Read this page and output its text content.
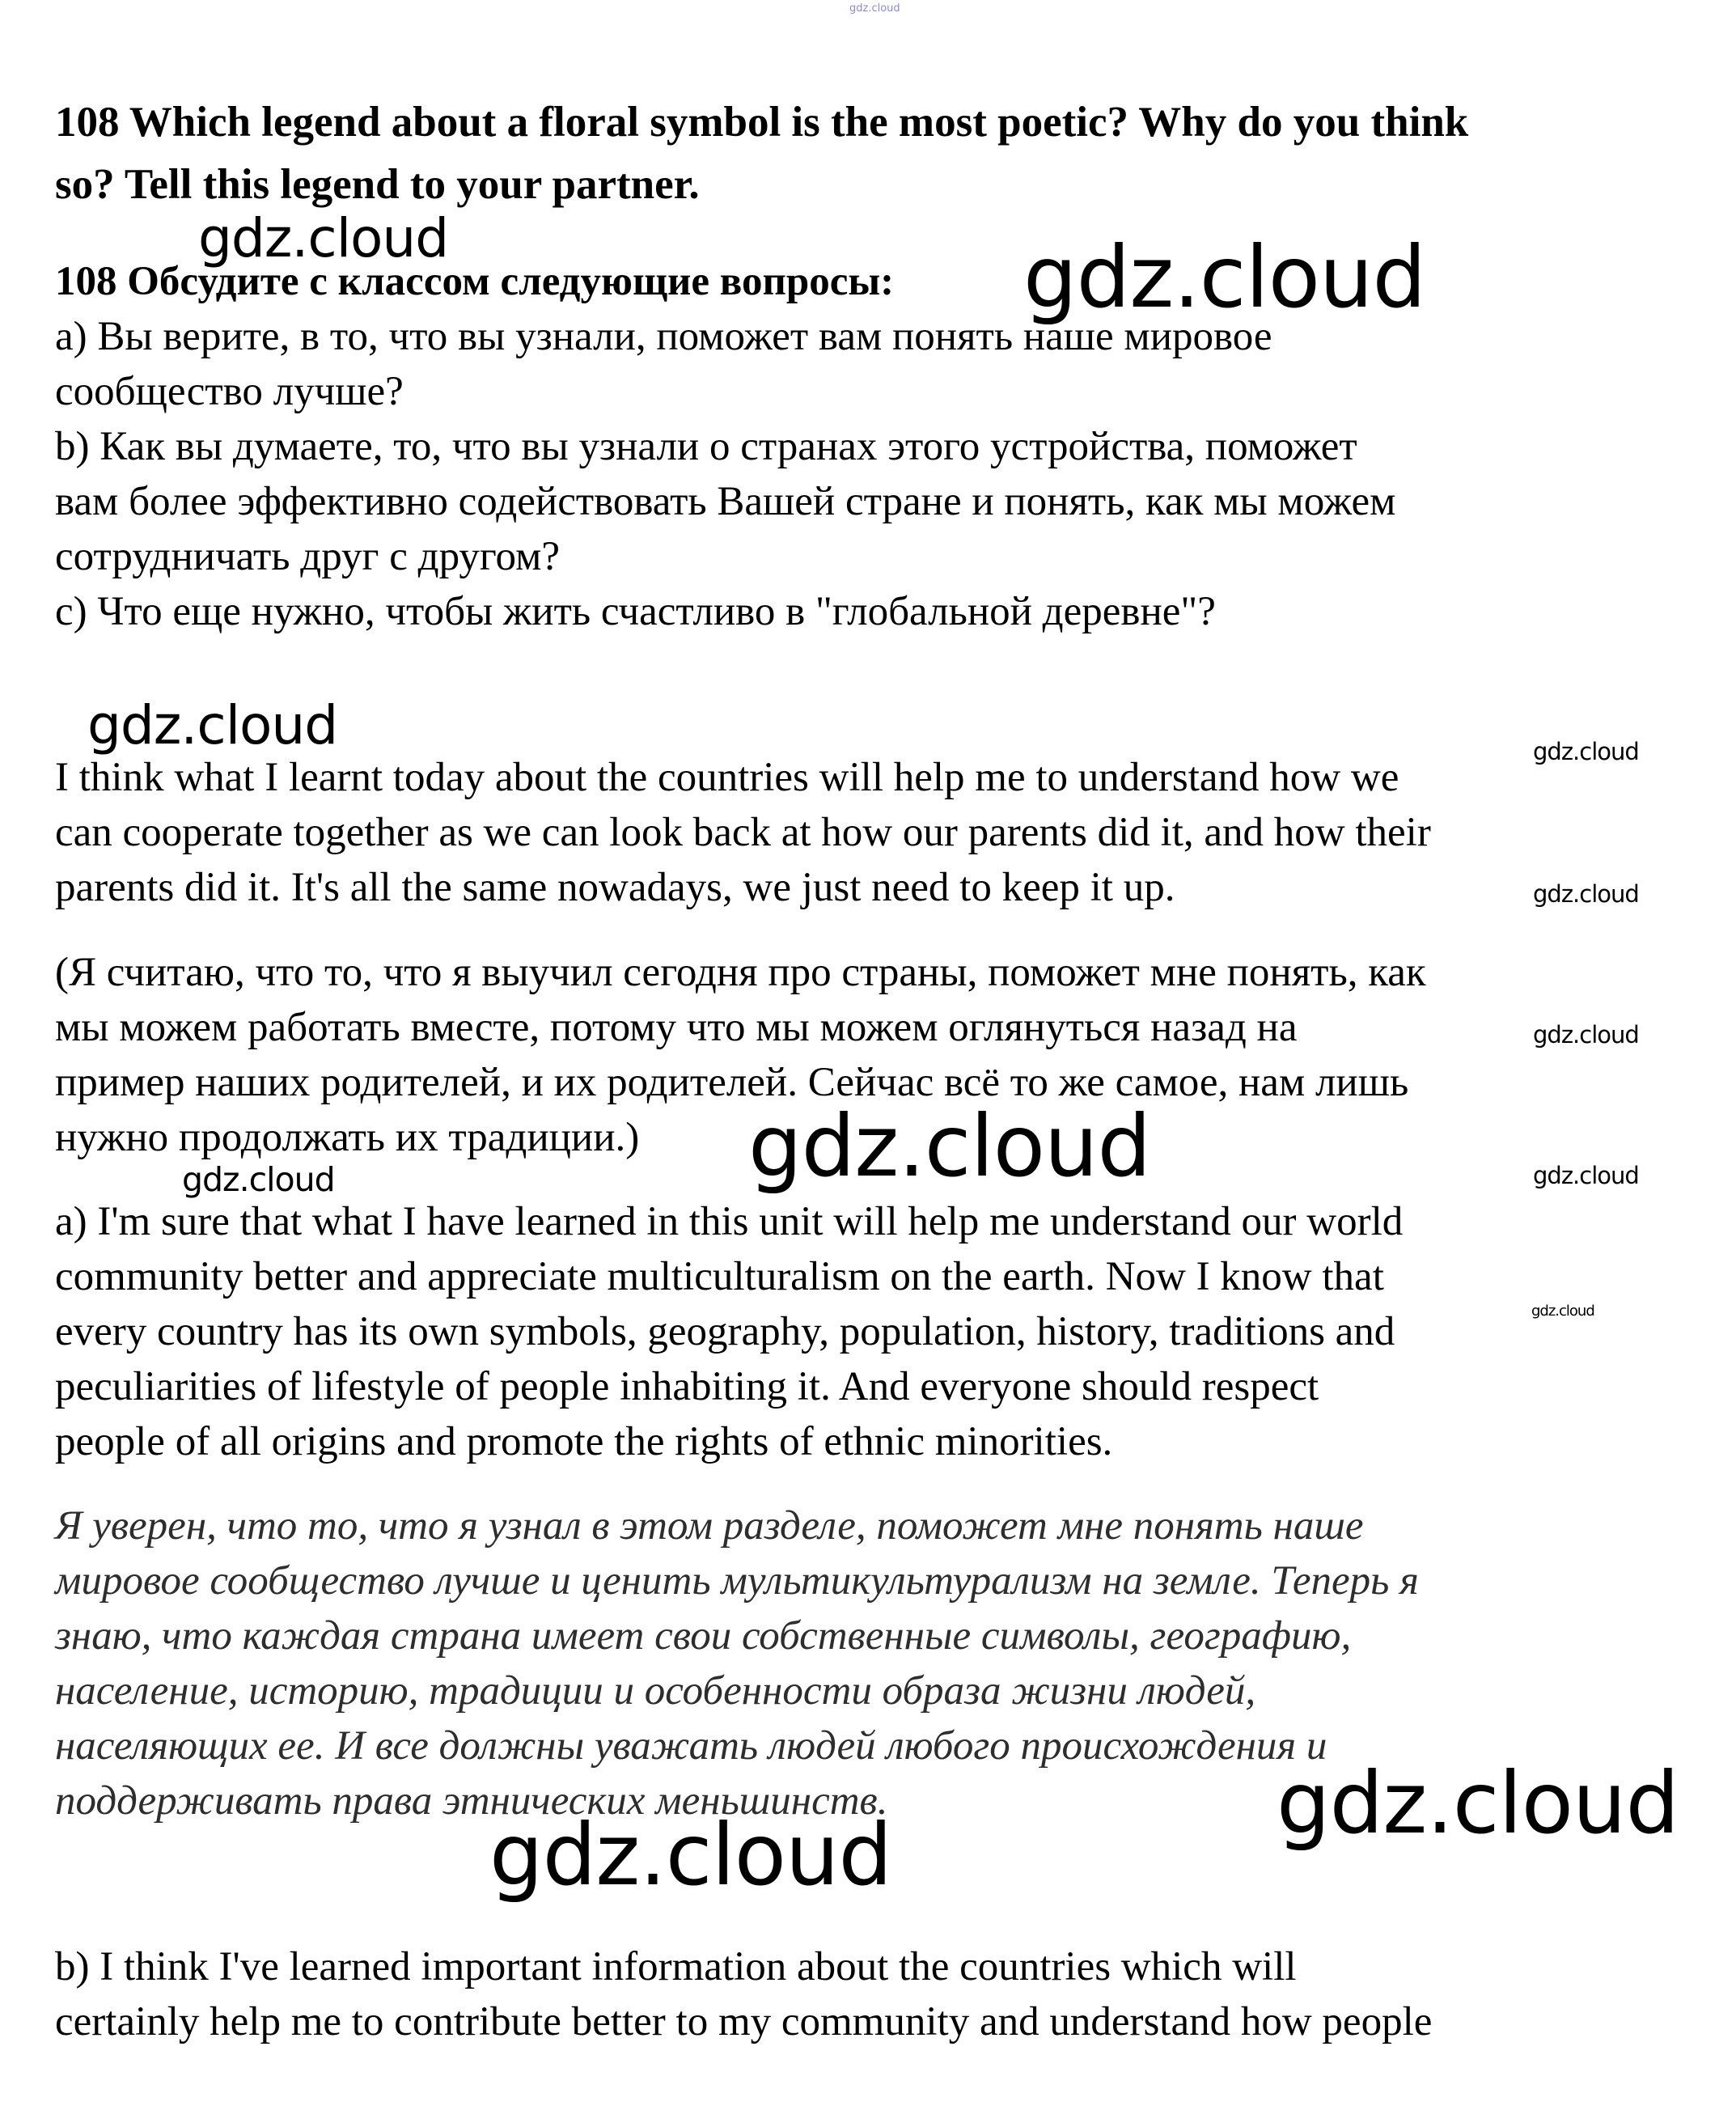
gdz.cloud
108 Which legend about a floral symbol is the most poetic? Why do you think
so? Tell this legend to your partner.
108 Обсудите с классом следующие вопросы:
a) Вы верите, в то, что вы узнали, поможет вам понять наше мировое
сообщество лучше?
b) Как вы думаете, то, что вы узнали о странах этого устройства, поможет
вам более эффективно содействовать Вашей стране и понять, как мы можем
сотрудничать друг с другом?
c) Что еще нужно, чтобы жить счастливо в "глобальной деревне"?
I think what I learnt today about the countries will help me to understand how we
can cooperate together as we can look back at how our parents did it, and how their
parents did it. It's all the same nowadays, we just need to keep it up.
(Я считаю, что то, что я выучил сегодня про страны, поможет мне понять, как
мы можем работать вместе, потому что мы можем оглянуться назад на
пример наших родителей, и их родителей. Сейчас всё то же самое, нам лишь
нужно продолжать их традиции.)
a) I'm sure that what I have learned in this unit will help me understand our world
community better and appreciate multiculturalism on the earth. Now I know that
every country has its own symbols, geography, population, history, traditions and
peculiarities of lifestyle of people inhabiting it. And everyone should respect
people of all origins and promote the rights of ethnic minorities.
Я уверен, что то, что я узнал в этом разделе, поможет мне понять наше
мировое сообщество лучше и ценить мультикультурализм на земле. Теперь я
знаю, что каждая страна имеет свои собственные символы, географию,
население, историю, традиции и особенности образа жизни людей,
населяющих ее. И все должны уважать людей любого происхождения и
поддерживать права этнических меньшинств.
b) I think I've learned important information about the countries which will
certainly help me to contribute better to my community and understand how people
gdz.cloud	gdz.cloud
gdz.cloud	gdz.cloud
gdz.cloud
gdz.cloud
gdz.cloud
gdz.cloud	gdz.cloud
gdz.cloud
gdz.cloud
gdz.cloud
